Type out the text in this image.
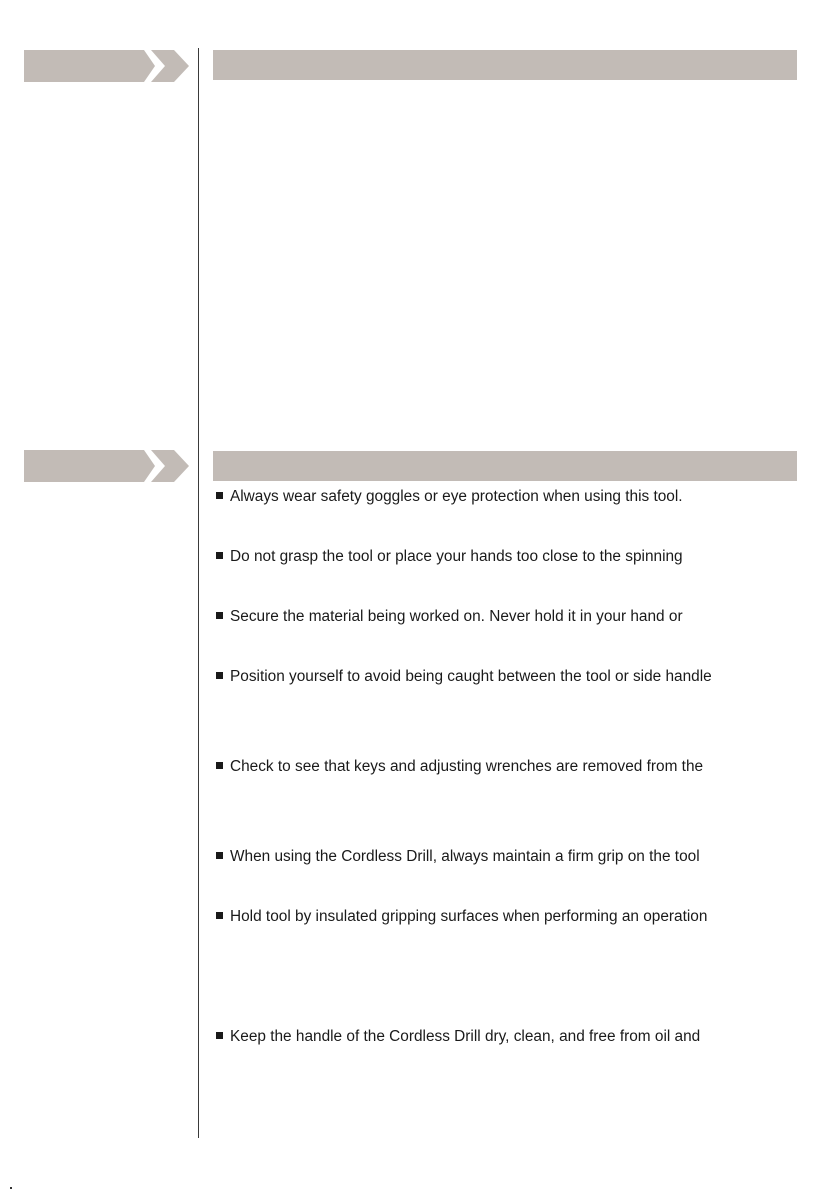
Always wear safety goggles or eye protection when using this tool.
Do not grasp the tool or place your hands too close to the spinning
Secure the material being worked on. Never hold it in your hand or
Position yourself to avoid being caught between the tool or side handle
Check to see that keys and adjusting wrenches are removed from the
When using the Cordless Drill, always maintain a firm grip on the tool
Hold tool by insulated gripping surfaces when performing an operation
Keep the handle of the Cordless Drill dry, clean, and free from oil and
